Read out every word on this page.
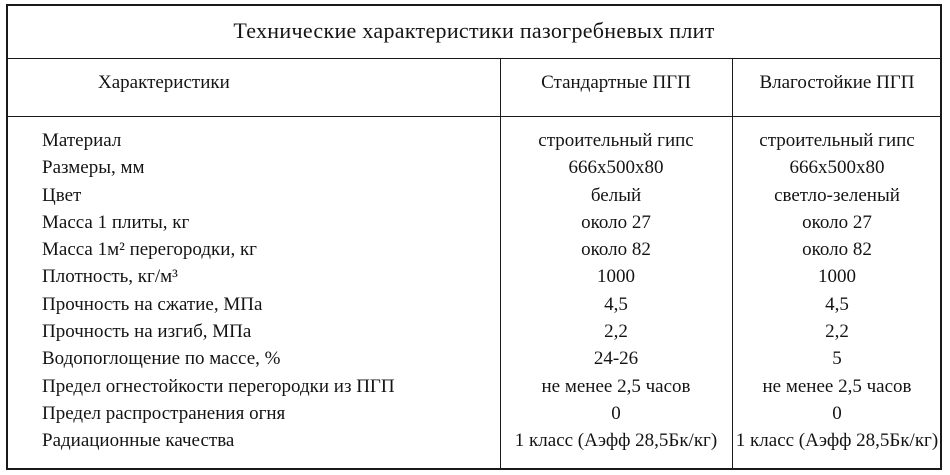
Технические характеристики пазогребневых плит
Характеристики	Стандартные ПГП	Влагостойкие ПГП
Материал
Размеры, мм
Цвет
Масса 1 плиты, кг
Масса 1м² перегородки, кг
Плотность, кг/м³
Прочность на сжатие, МПа
Прочность на изгиб, МПа
Водопоглощение по массе, %
Предел огнестойкости перегородки из ПГП
Предел распространения огня
Радиационные качества
строительный гипс
666х500х80
белый
около 27
около 82
1000
4,5
2,2
24-26
не менее 2,5 часов
0
1 класс (Аэфф 28,5Бк/кг)
строительный гипс
666х500х80
светло-зеленый
около 27
около 82
1000
4,5
2,2
5
не менее 2,5 часов
0
1 класс (Аэфф 28,5Бк/кг)
